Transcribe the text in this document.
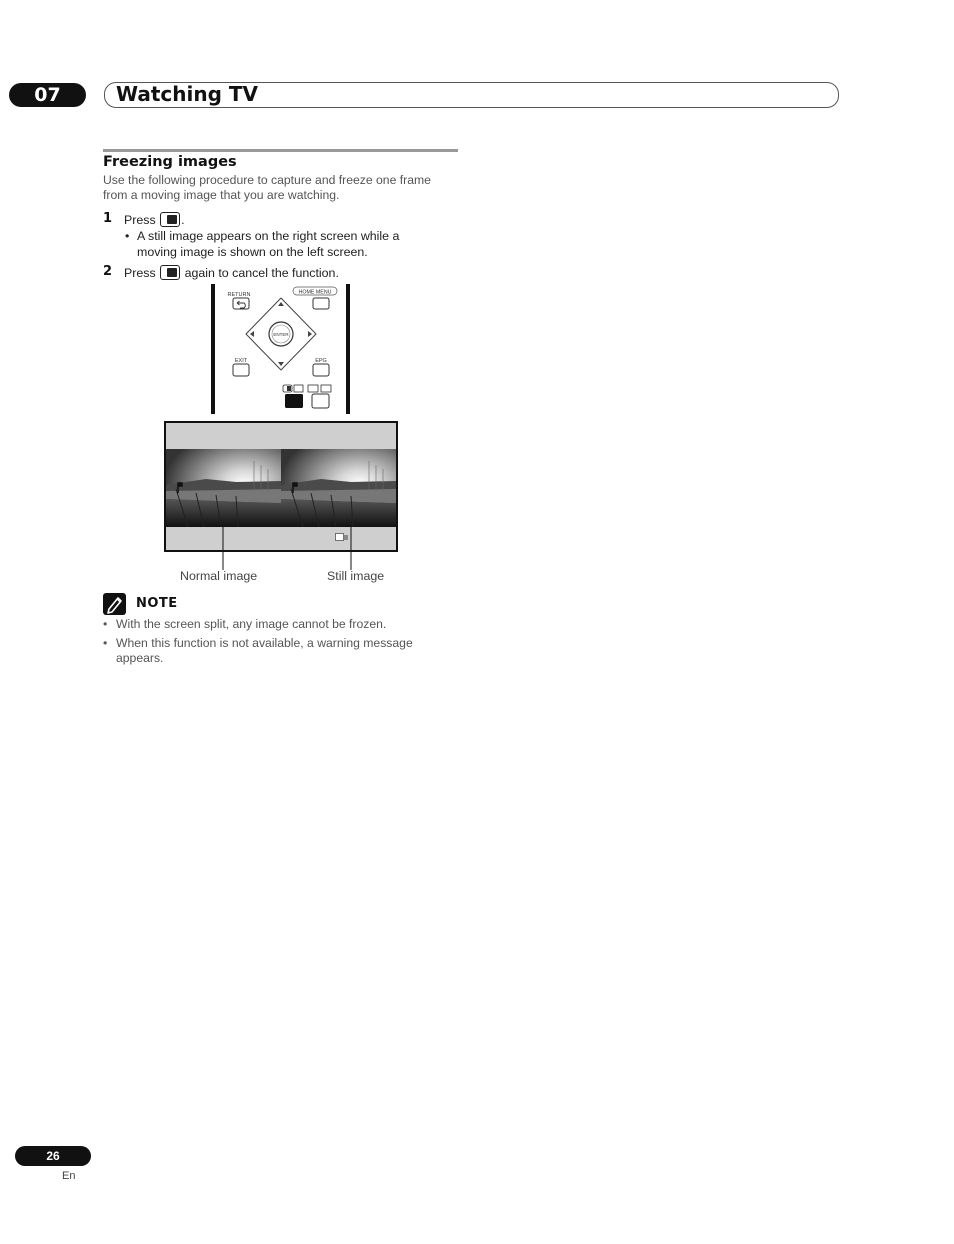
07	Watching TV
Freezing images
Use the following procedure to capture and freeze one frame
from a moving image that you are watching.
1 Press .
• A still image appears on the right screen while a
moving image is shown on the left screen.
2 Press again to cancel the function.
RETURN	HOME MENU
ENTER
EXIT	EPG
Normal image	Still image
NOTE
• With the screen split, any image cannot be frozen.
• When this function is not available, a warning message
appears.
26
En
